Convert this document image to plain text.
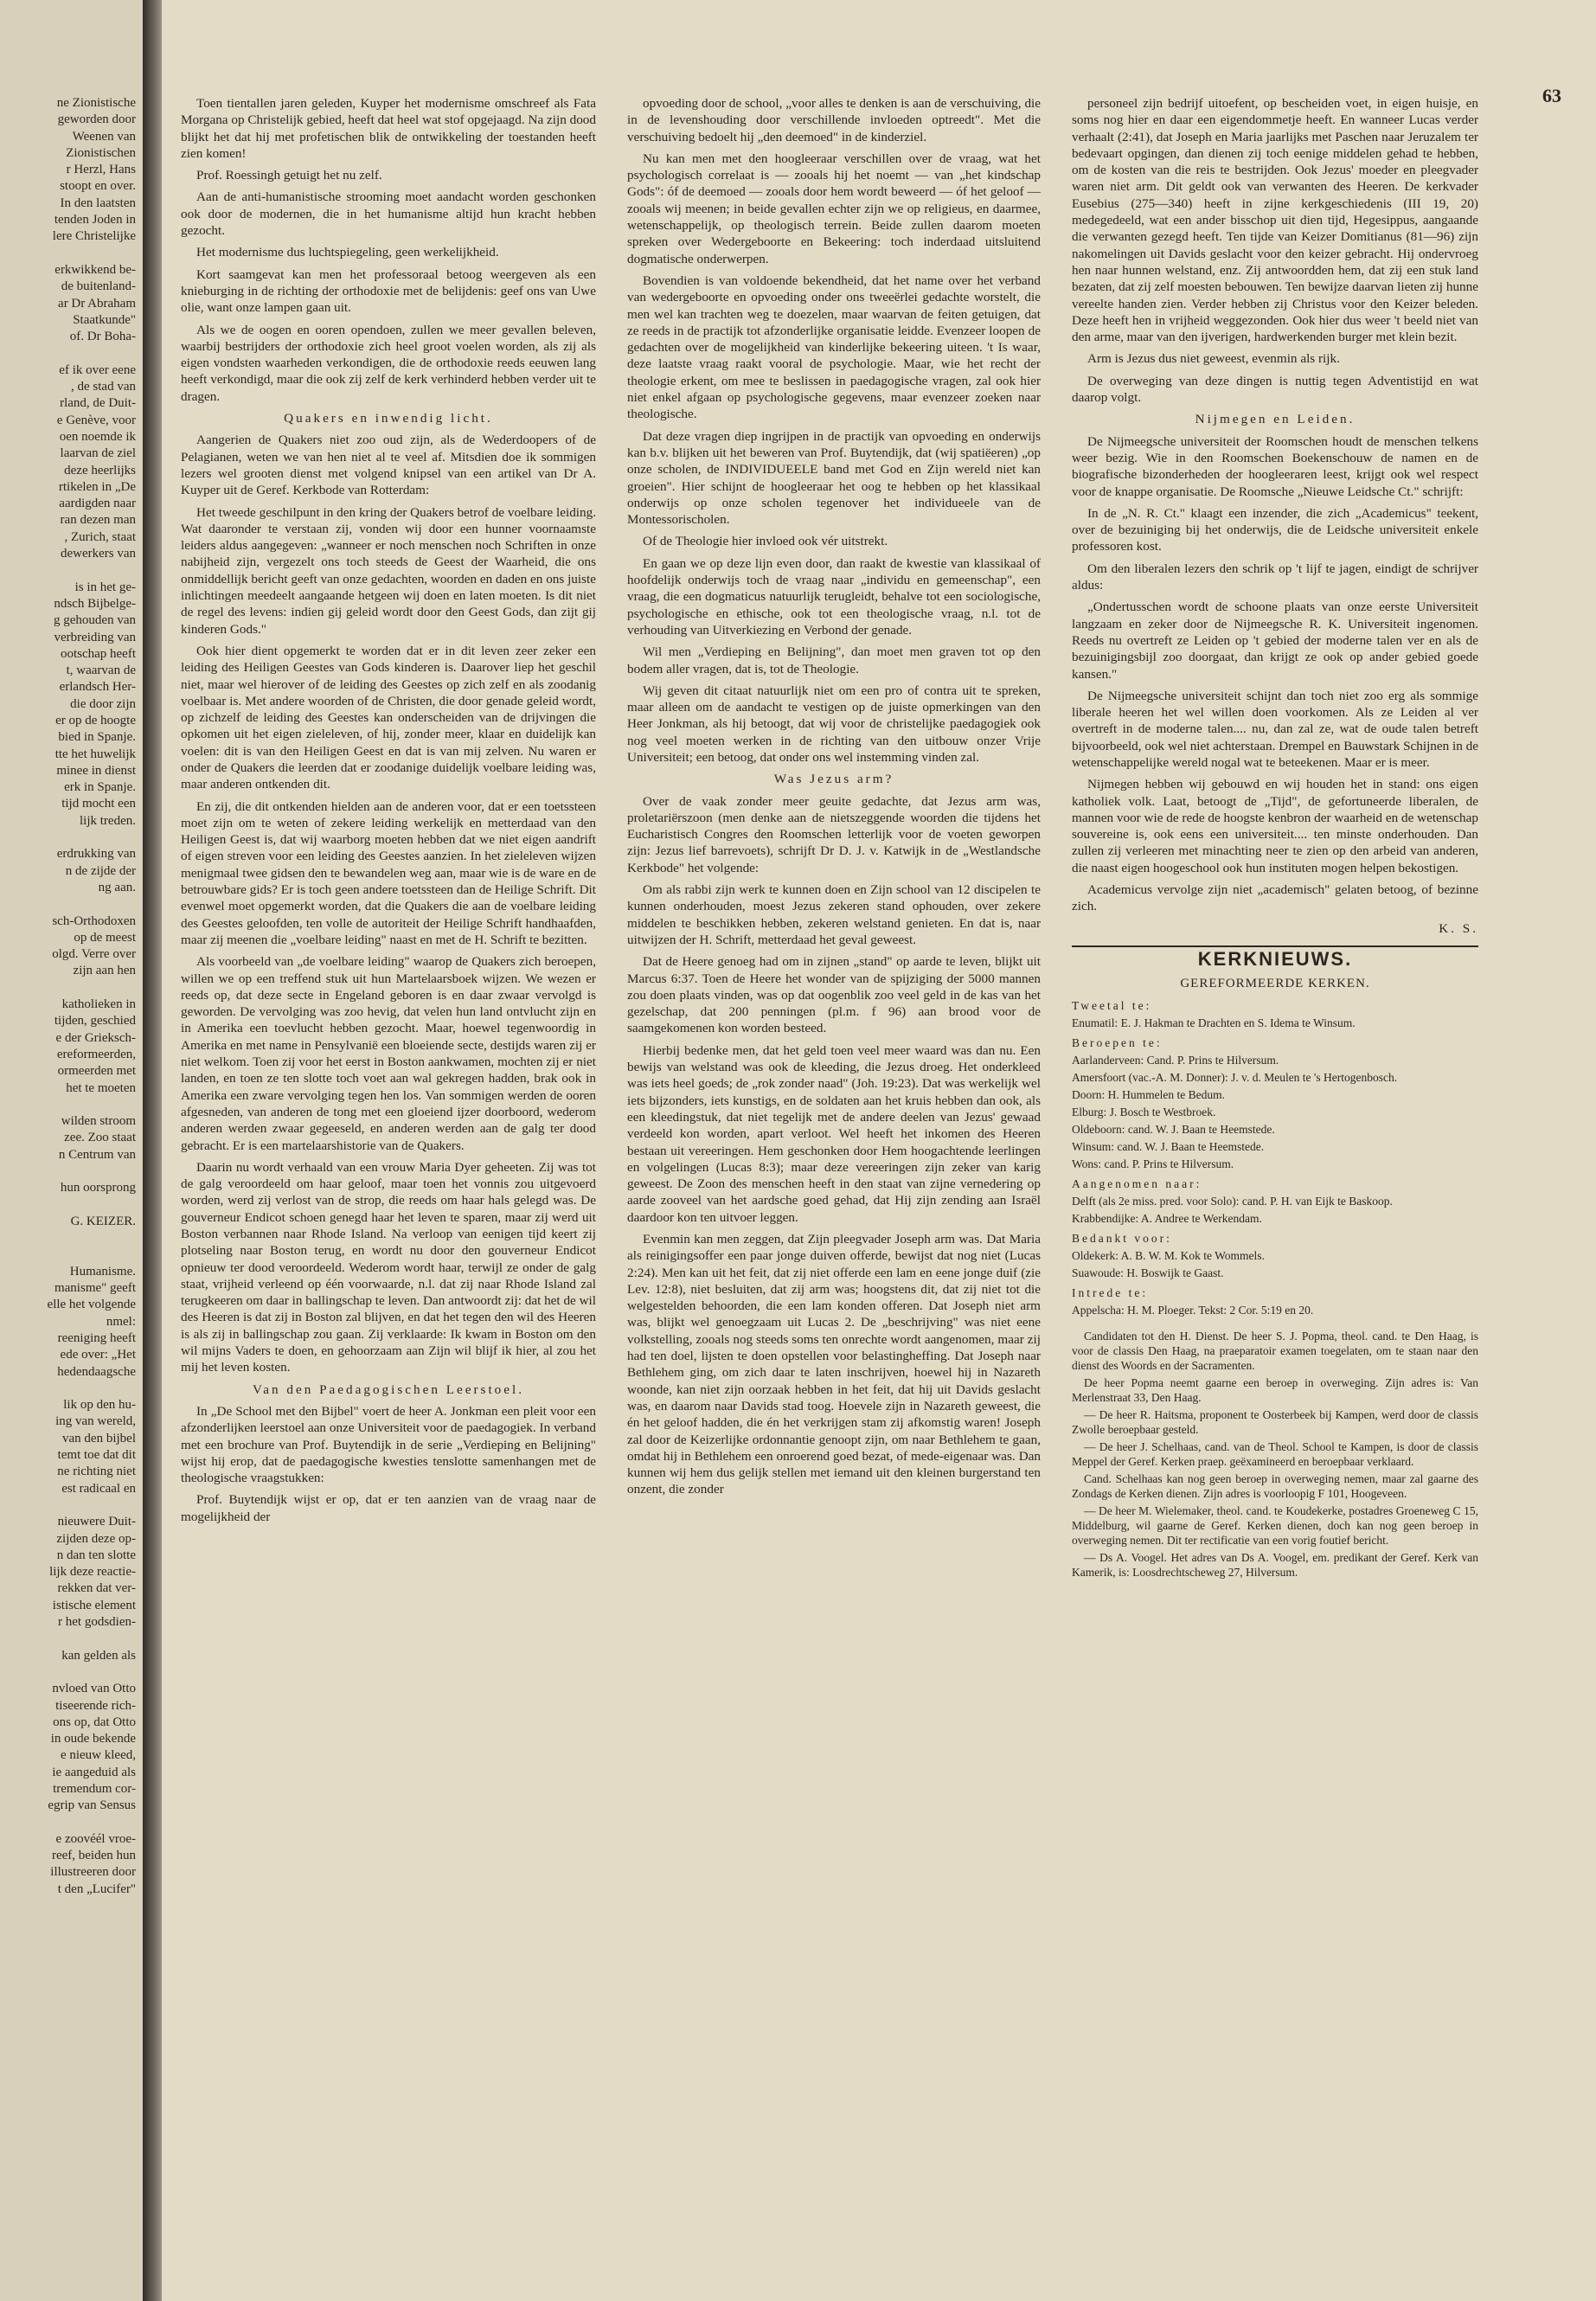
ne Zionistische
geworden door
Weenen van
Zionistischen
r Herzl, Hans
stoopt en over.
In den laatsten
tenden Joden in
lere Christelijke

erkwikkend be-
de buitenland-
ar Dr Abraham
Staatkunde"
of. Dr Boha-

ef ik over eene
, de stad van
rland, de Duit-
e Genève, voor
oen noemde ik
laarvan de ziel
deze heerlijks
rtikelen in „De
aardigden naar
ran dezen man
, Zurich, staat
dewerkers van

is in het ge-
ndsch Bijbelge-
g gehouden van
verbreiding van
ootschap heeft
t, waarvan de
erlandsch Her-
die door zijn
er op de hoogte
bied in Spanje.
tte het huwelijk
minee in dienst
erk in Spanje.
tijd mocht een
lijk treden.

erdrukking van
n de zijde der
ng aan.

sch-Orthodoxen
op de meest
olgd. Verre over
zijn aan hen

katholieken in
tijden, geschied
e der Grieksch-
ereformeerden,
ormeerden met
het te moeten

wilden stroom
zee. Zoo staat
n Centrum van

hun oorsprong

G. KEIZER.

Humanisme.
manisme" geeft
elle het volgende
nmel:
reeniging heeft
ede over: „Het
hedendaagsche

lik op den hu-
ing van wereld,
van den bijbel
temt toe dat dit
ne richting niet
est radicaal en

nieuwere Duit-
zijden deze op-
n dan ten slotte
lijk deze reactie-
rekken dat ver-
istische element
r het godsdien-

kan gelden als

nvloed van Otto
tiseerende rich-
ons op, dat Otto
in oude bekende
e nieuw kleed,
ie aangeduid als
tremendum cor-
egrip van Sensus

e zoovéél vroe-
reef, beiden hun
illustreeren door
t den „Lucifer"
63

Toen tientallen jaren geleden, Kuyper het modernisme omschreef als Fata Morgana op Christelijk gebied, heeft dat heel wat stof opgejaagd. Na zijn dood blijkt het dat hij met profetischen blik de ontwikkeling der toestanden heeft zien komen!

Prof. Roessingh getuigt het nu zelf.

Aan de anti-humanistische strooming moet aandacht worden geschonken ook door de modernen, die in het humanisme altijd hun kracht hebben gezocht.

Het modernisme dus luchtspiegeling, geen werkelijkheid.

Kort saamgevat kan men het professoraal betoog weergeven als een knieburging in de richting der orthodoxie met de belijdenis: geef ons van Uwe olie, want onze lampen gaan uit.

Als we de oogen en ooren opendoen, zullen we meer gevallen beleven, waarbij bestrijders der orthodoxie zich heel groot voelen worden, als zij als eigen vondsten waarheden verkondigen, die de orthodoxie reeds eeuwen lang heeft verkondigd, maar die ook zij zelf de kerk verhinderd hebben verder uit te dragen.

Quakers en inwendig licht.

Aangerien de Quakers niet zoo oud zijn, als de Wederdoopers of de Pelagianen, weten we van hen niet al te veel af. Mitsdien doe ik sommigen lezers wel grooten dienst met volgend knipsel van een artikel van Dr A. Kuyper uit de Geref. Kerkbode van Rotterdam:

Het tweede geschilpunt in den kring der Quakers betrof de voelbare leiding. Wat daaronder te verstaan zij, vonden wij door een hunner voornaamste leiders aldus aangegeven: „wanneer er noch menschen noch Schriften in onze nabijheid zijn, vergezelt ons toch steeds de Geest der Waarheid, die ons onmiddellijk bericht geeft van onze gedachten, woorden en daden en ons juiste inlichtingen meedeelt aangaande hetgeen wij doen en laten moeten. Is dit niet de regel des levens: indien gij geleid wordt door den Geest Gods, dan zijt gij kinderen Gods."

Ook hier dient opgemerkt te worden dat er in dit leven zeer zeker een leiding des Heiligen Geestes van Gods kinderen is. Daarover liep het geschil niet, maar wel hierover of de leiding des Geestes op zich zelf en als zoodanig voelbaar is. Met andere woorden of de Christen, die door genade geleid wordt, op zichzelf de leiding des Geestes kan onderscheiden van de drijvingen die opkomen uit het eigen zieleleven, of hij, zonder meer, klaar en duidelijk kan voelen: dit is van den Heiligen Geest en dat is van mij zelven. Nu waren er onder de Quakers die leerden dat er zoodanige duidelijk voelbare leiding was, maar anderen ontkenden dit.

En zij, die dit ontkenden hielden aan de anderen voor, dat er een toetssteen moet zijn om te weten of zekere leiding werkelijk en metterdaad van den Heiligen Geest is, dat wij waarborg moeten hebben dat we niet eigen aandrift of eigen streven voor een leiding des Geestes aanzien. In het zieleleven wijzen menigmaal twee gidsen den te bewandelen weg aan, maar wie is de ware en de betrouwbare gids? Er is toch geen andere toetssteen dan de Heilige Schrift. Dit evenwel moet opgemerkt worden, dat die Quakers die aan de voelbare leiding des Geestes geloofden, ten volle de autoriteit der Heilige Schrift handhaafden, maar zij meenen die „voelbare leiding" naast en met de H. Schrift te bezitten.

Als voorbeeld van „de voelbare leiding" waarop de Quakers zich beroepen, willen we op een treffend stuk uit hun Martelaarsboek wijzen. We wezen er reeds op, dat deze secte in Engeland geboren is en daar zwaar vervolgd is geworden. De vervolging was zoo hevig, dat velen hun land ontvlucht zijn en in Amerika een toevlucht hebben gezocht. Maar, hoewel tegenwoordig in Amerika en met name in Pensylvanië een bloeiende secte, destijds waren zij er niet welkom. Toen zij voor het eerst in Boston aankwamen, mochten zij er niet landen, en toen ze ten slotte toch voet aan wal gekregen hadden, brak ook in Amerika een zware vervolging tegen hen los. Van sommigen werden de ooren afgesneden, van anderen de tong met een gloeiend ijzer doorboord, wederom anderen werden zwaar gegeeseld, en anderen werden aan de galg ter dood gebracht. Er is een martelaarshistorie van de Quakers.

Daarin nu wordt verhaald van een vrouw Maria Dyer geheeten. Zij was tot de galg veroordeeld om haar geloof, maar toen het vonnis zou uitgevoerd worden, werd zij verlost van de strop, die reeds om haar hals gelegd was. De gouverneur Endicot schoen genegd haar het leven te sparen, maar zij werd uit Boston verbannen naar Rhode Island. Na verloop van eenigen tijd keert zij plotseling naar Boston terug, en wordt nu door den gouverneur Endicot opnieuw ter dood veroordeeld. Wederom wordt haar, terwijl ze onder de galg staat, vrijheid verleend op één voorwaarde, n.l. dat zij naar Rhode Island zal terugkeeren om daar in ballingschap te leven. Dan antwoordt zij: dat het de wil des Heeren is dat zij in Boston zal blijven, en dat het tegen den wil des Heeren is als zij in ballingschap zou gaan. Zij verklaarde: Ik kwam in Boston om den wil mijns Vaders te doen, en gehoorzaam aan Zijn wil blijf ik hier, al zou het mij het leven kosten.

Van den Paedagogischen Leerstoel.

In „De School met den Bijbel" voert de heer A. Jonkman een pleit voor een afzonderlijken leerstoel aan onze Universiteit voor de paedagogiek. In verband met een brochure van Prof. Buytendijk in de serie „Verdieping en Belijning" wijst hij erop, dat de paedagogische kwesties tenslotte samenhangen met de theologische vraagstukken:

Prof. Buytendijk wijst er op, dat er ten aanzien van de vraag naar de mogelijkheid der

opvoeding door de school, „voor alles te denken is aan de verschuiving, die in de levenshouding door verschillende invloeden optreedt". Met die verschuiving bedoelt hij „den deemoed" in de kinderziel.

Nu kan men met den hoogleeraar verschillen over de vraag, wat het psychologisch correlaat is — zooals hij het noemt — van „het kindschap Gods": óf de deemoed — zooals door hem wordt beweerd — óf het geloof — zooals wij meenen; in beide gevallen echter zijn we op religieus, en daarmee, wetenschappelijk, op theologisch terrein. Beide zullen daarom moeten spreken over Wedergeboorte en Bekeering: toch inderdaad uitsluitend dogmatische onderwerpen.

Bovendien is van voldoende bekendheid, dat het name over het verband van wedergeboorte en opvoeding onder ons tweeërlei gedachte worstelt, die men wel kan trachten weg te doezelen, maar waarvan de feiten getuigen, dat ze reeds in de practijk tot afzonderlijke organisatie leidde. Evenzeer loopen de gedachten over de mogelijkheid van kinderlijke bekeering uiteen. 't Is waar, deze laatste vraag raakt vooral de psychologie. Maar, wie het recht der theologie erkent, om mee te beslissen in paedagogische vragen, zal ook hier niet enkel afgaan op psychologische gegevens, maar evenzeer zoeken naar theologische.

Dat deze vragen diep ingrijpen in de practijk van opvoeding en onderwijs kan b.v. blijken uit het beweren van Prof. Buytendijk, dat (wij spatiëeren) „op onze scholen, de INDIVIDUEELE band met God en Zijn wereld niet kan groeien". Hier schijnt de hoogleeraar het oog te hebben op het klassikaal onderwijs op onze scholen tegenover het individueele van de Montessorischolen.

Of de Theologie hier invloed ook vér uitstrekt.

En gaan we op deze lijn even door, dan raakt de kwestie van klassikaal of hoofdelijk onderwijs toch de vraag naar „individu en gemeenschap", een vraag, die een dogmaticus natuurlijk terugleidt, behalve tot een sociologische, psychologische en ethische, ook tot een theologische vraag, n.l. tot de verhouding van Uitverkiezing en Verbond der genade.

Wil men „Verdieping en Belijning", dan moet men graven tot op den bodem aller vragen, dat is, tot de Theologie.

Wij geven dit citaat natuurlijk niet om een pro of contra uit te spreken, maar alleen om de aandacht te vestigen op de juiste opmerkingen van den Heer Jonkman, als hij betoogt, dat wij voor de christelijke paedagogiek ook nog veel moeten werken in de richting van den uitbouw onzer Vrije Universiteit; een betoog, dat onder ons wel instemming vinden zal.

Was Jezus arm?

Over de vaak zonder meer geuite gedachte, dat Jezus arm was, proletariërszoon (men denke aan de nietszeggende woorden die tijdens het Eucharistisch Congres den Roomschen letterlijk voor de voeten geworpen zijn: Jezus lief barrevoets), schrijft Dr D. J. v. Katwijk in de „Westlandsche Kerkbode" het volgende:

Om als rabbi zijn werk te kunnen doen en Zijn school van 12 discipelen te kunnen onderhouden, moest Jezus zekeren stand ophouden, over zekere middelen te beschikken hebben, zekeren welstand genieten. En dat is, naar uitwijzen der H. Schrift, metterdaad het geval geweest.

Dat de Heere genoeg had om in zijnen „stand" op aarde te leven, blijkt uit Marcus 6:37. Toen de Heere het wonder van de spijziging der 5000 mannen zou doen plaats vinden, was op dat oogenblik zoo veel geld in de kas van het gezelschap, dat 200 penningen (pl.m. f 96) aan brood voor de saamgekomenen kon worden besteed.

Hierbij bedenke men, dat het geld toen veel meer waard was dan nu. Een bewijs van welstand was ook de kleeding, die Jezus droeg. Het onderkleed was iets heel goeds; de „rok zonder naad" (Joh. 19:23). Dat was werkelijk wel iets bijzonders, iets kunstigs, en de soldaten aan het kruis hebben dan ook, als een kleedingstuk, dat niet tegelijk met de andere deelen van Jezus' gewaad verdeeld kon worden, apart verloot. Wel heeft het inkomen des Heeren bestaan uit vereeringen. Hem geschonken door Hem hoogachtende leerlingen en volgelingen (Lucas 8:3); maar deze vereeringen zijn zeker van karig geweest. De Zoon des menschen heeft in den staat van zijne vernedering op aarde zooveel van het aardsche goed gehad, dat Hij zijn zending aan Israël daardoor kon ten uitvoer leggen.

Evenmin kan men zeggen, dat Zijn pleegvader Joseph arm was. Dat Maria als reinigingsoffer een paar jonge duiven offerde, bewijst dat nog niet (Lucas 2:24). Men kan uit het feit, dat zij niet offerde een lam en eene jonge duif (zie Lev. 12:8), niet besluiten, dat zij arm was; hoogstens dit, dat zij niet tot die welgestelden behoorden, die een lam konden offeren. Dat Joseph niet arm was, blijkt wel genoegzaam uit Lucas 2. De „beschrijving" was niet eene volkstelling, zooals nog steeds soms ten onrechte wordt aangenomen, maar zij had ten doel, lijsten te doen opstellen voor belastingheffing. Dat Joseph naar Bethlehem ging, om zich daar te laten inschrijven, hoewel hij in Nazareth woonde, kan niet zijn oorzaak hebben in het feit, dat hij uit Davids geslacht was, en daarom naar Davids stad toog. Hoevele zijn in Nazareth geweest, die én het geloof hadden, die én het verkrijgen stam zij afkomstig waren! Joseph zal door de Keizerlijke ordonnantie genoopt zijn, om naar Bethlehem te gaan, omdat hij in Bethlehem een onroerend goed bezat, of mede-eigenaar was. Dan kunnen wij hem dus gelijk stellen met iemand uit den kleinen burgerstand ten onzent, die zonder

personeel zijn bedrijf uitoefent, op bescheiden voet, in eigen huisje, en soms nog hier en daar een eigendommetje heeft. En wanneer Lucas verder verhaalt (2:41), dat Joseph en Maria jaarlijks met Paschen naar Jeruzalem ter bedevaart opgingen, dan dienen zij toch eenige middelen gehad te hebben, om de kosten van die reis te bestrijden. Ook Jezus' moeder en pleegvader waren niet arm. Dit geldt ook van verwanten des Heeren. De kerkvader Eusebius (275—340) heeft in zijne kerkgeschiedenis (III 19, 20) medegedeeld, wat een ander bisschop uit dien tijd, Hegesippus, aangaande die verwanten gezegd heeft. Ten tijde van Keizer Domitianus (81—96) zijn nakomelingen uit Davids geslacht voor den keizer gebracht. Hij ondervroeg hen naar hunnen welstand, enz. Zij antwoordden hem, dat zij een stuk land bezaten, dat zij zelf moesten bebouwen. Ten bewijze daarvan lieten zij hunne vereelte handen zien. Verder hebben zij Christus voor den Keizer beleden. Deze heeft hen in vrijheid weggezonden. Ook hier dus weer 't beeld niet van den arme, maar van den ijverigen, hardwerkenden burger met klein bezit.

Arm is Jezus dus niet geweest, evenmin als rijk.

De overweging van deze dingen is nuttig tegen Adventistijd en wat daarop volgt.

Nijmegen en Leiden.

De Nijmeegsche universiteit der Roomschen houdt de menschen telkens weer bezig. Wie in den Roomschen Boekenschouw de namen en de biografische bizonderheden der hoogleeraren leest, krijgt ook wel respect voor de knappe organisatie. De Roomsche „Nieuwe Leidsche Ct." schrijft:

In de „N. R. Ct." klaagt een inzender, die zich „Academicus" teekent, over de bezuiniging bij het onderwijs, die de Leidsche universiteit enkele professoren kost.

Om den liberalen lezers den schrik op 't lijf te jagen, eindigt de schrijver aldus:

„Ondertusschen wordt de schoone plaats van onze eerste Universiteit langzaam en zeker door de Nijmeegsche R. K. Universiteit ingenomen. Reeds nu overtreft ze Leiden op 't gebied der moderne talen ver en als de bezuinigingsbijl zoo doorgaat, dan krijgt ze ook op ander gebied goede kansen."

De Nijmeegsche universiteit schijnt dan toch niet zoo erg als sommige liberale heeren het wel willen doen voorkomen. Als ze Leiden al ver overtreft in de moderne talen.... nu, dan zal ze, wat de oude talen betreft bijvoorbeeld, ook wel niet achterstaan. Drempel en Bauwstark Schijnen in de wetenschappelijke wereld nogal wat te beteekenen. Maar er is meer.

Nijmegen hebben wij gebouwd en wij houden het in stand: ons eigen katholiek volk. Laat, betoogt de „Tijd", de gefortuneerde liberalen, de mannen voor wie de rede de hoogste kenbron der waarheid en de wetenschap souvereine is, ook eens een universiteit.... ten minste onderhouden. Dan zullen zij verleeren met minachting neer te zien op den arbeid van anderen, die naast eigen hoogeschool ook hun instituten mogen helpen bekostigen.

Academicus vervolge zijn niet „academisch" gelaten betoog, of bezinne zich.

K. S.

KERKNIEUWS.
GEREFORMEERDE KERKEN.

Tweetal te:

Enumatil: E. J. Hakman te Drachten en S. Idema te Winsum.

Beroepen te:

Aarlanderveen: Cand. P. Prins te Hilversum.

Amersfoort (vac.-A. M. Donner): J. v. d. Meulen te 's Hertogenbosch.

Doorn: H. Hummelen te Bedum.

Elburg: J. Bosch te Westbroek.

Oldeboorn: cand. W. J. Baan te Heemstede.

Winsum: cand. W. J. Baan te Heemstede.

Wons: cand. P. Prins te Hilversum.

Aangenomen naar:

Delft (als 2e miss. pred. voor Solo): cand. P. H. van Eijk te Baskoop.

Krabbendijke: A. Andree te Werkendam.

Bedankt voor:

Oldekerk: A. B. W. M. Kok te Wommels.

Suawoude: H. Boswijk te Gaast.

Intrede te:

Appelscha: H. M. Ploeger. Tekst: 2 Cor. 5:19 en 20.

Candidaten tot den H. Dienst. De heer S. J. Popma, theol. cand. te Den Haag, is voor de classis Den Haag, na praeparatoir examen toegelaten, om te staan naar den dienst des Woords en der Sacramenten.

De heer Popma neemt gaarne een beroep in overweging. Zijn adres is: Van Merlenstraat 33, Den Haag.

— De heer R. Haitsma, proponent te Oosterbeek bij Kampen, werd door de classis Zwolle beroepbaar gesteld.

— De heer J. Schelhaas, cand. van de Theol. School te Kampen, is door de classis Meppel der Geref. Kerken praep. geëxamineerd en beroepbaar verklaard.

Cand. Schelhaas kan nog geen beroep in overweging nemen, maar zal gaarne des Zondags de Kerken dienen. Zijn adres is voorloopig F 101, Hoogeveen.

— De heer M. Wielemaker, theol. cand. te Koudekerke, postadres Groeneweg C 15, Middelburg, wil gaarne de Geref. Kerken dienen, doch kan nog geen beroep in overweging nemen. Dit ter rectificatie van een vorig foutief bericht.

— Ds A. Voogel. Het adres van Ds A. Voogel, em. predikant der Geref. Kerk van Kamerik, is: Loosdrechtscheweg 27, Hilversum.
